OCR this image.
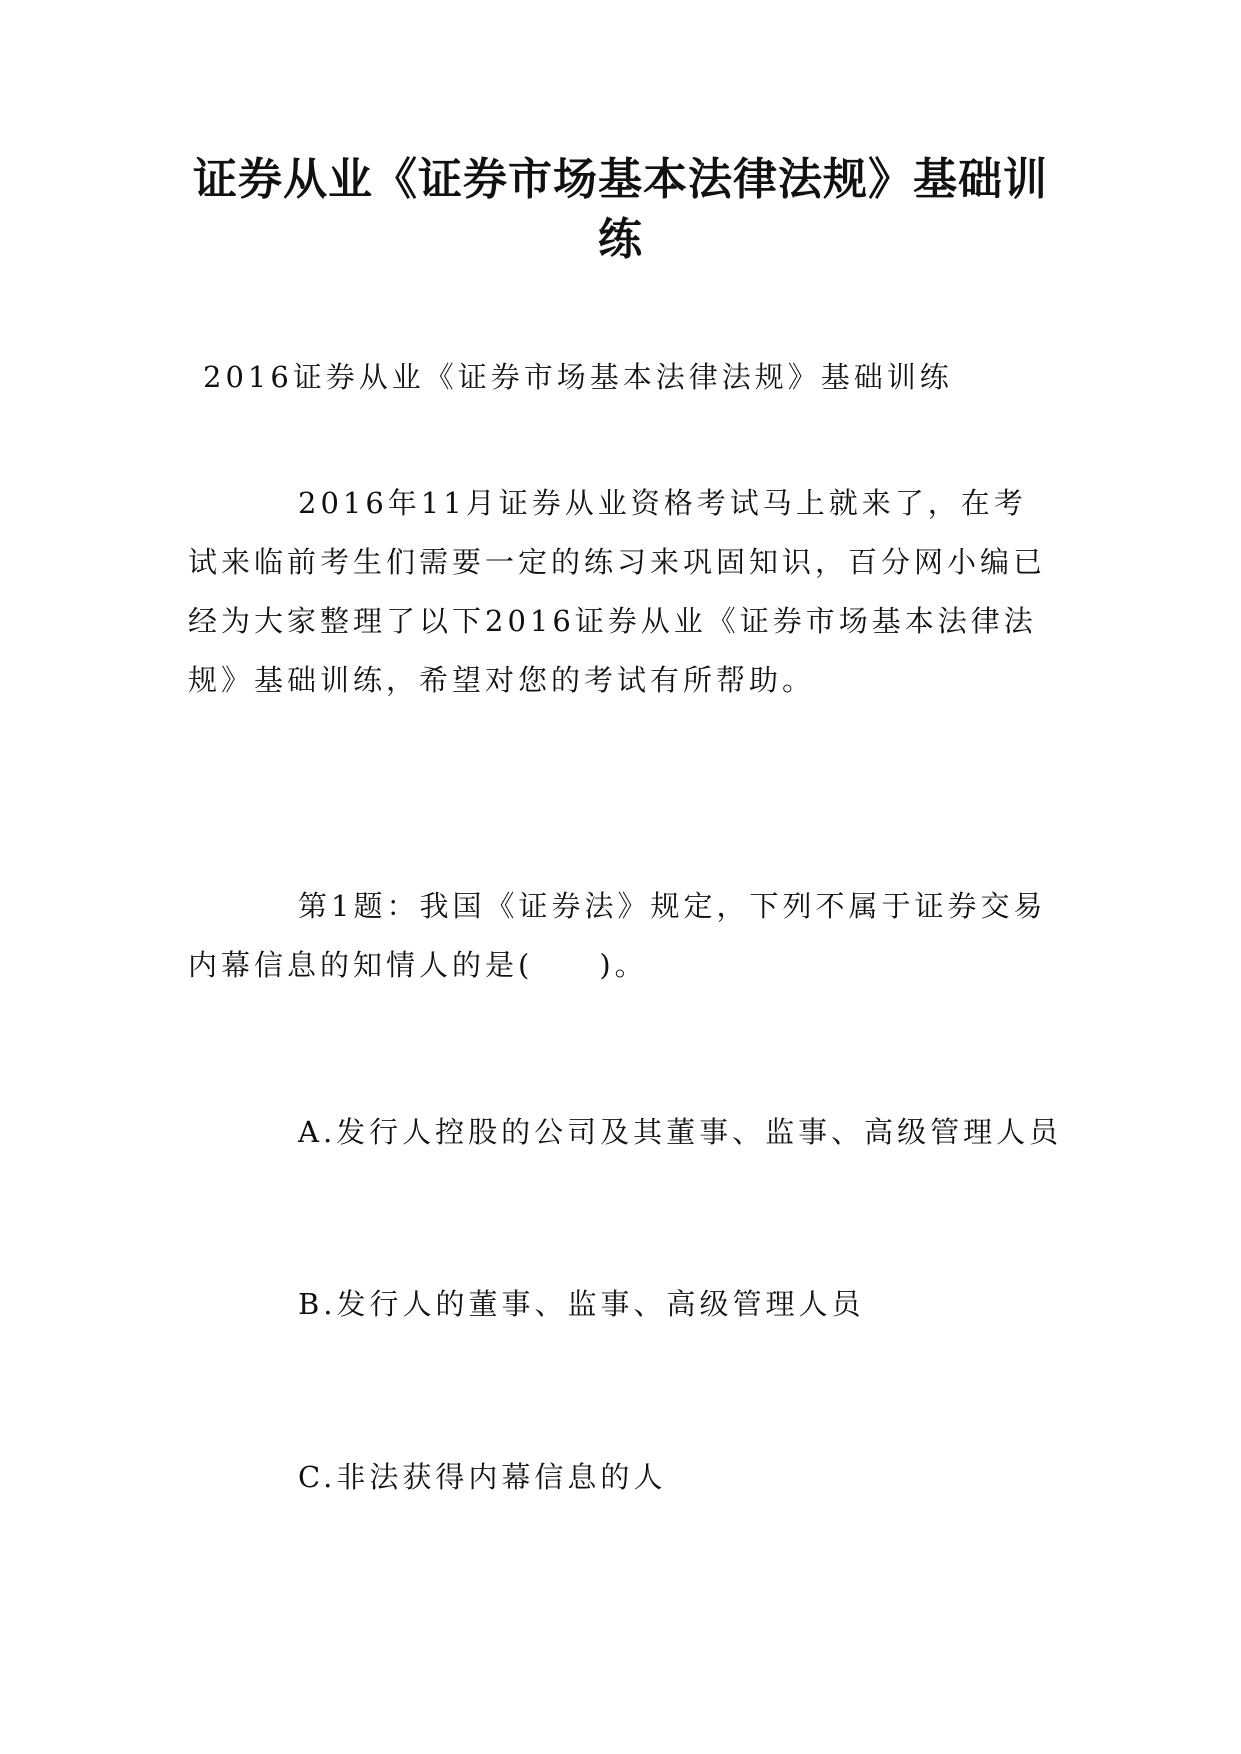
证券从业《证券市场基本法律法规》基础训练

2016证券从业《证券市场基本法律法规》基础训练

2016年11月证券从业资格考试马上就来了，在考试来临前考生们需要一定的练习来巩固知识，百分网小编已经为大家整理了以下2016证券从业《证券市场基本法律法规》基础训练，希望对您的考试有所帮助。

第1题：我国《证券法》规定，下列不属于证券交易内幕信息的知情人的是(　　)。

A.发行人控股的公司及其董事、监事、高级管理人员

B.发行人的董事、监事、高级管理人员

C.非法获得内幕信息的人
